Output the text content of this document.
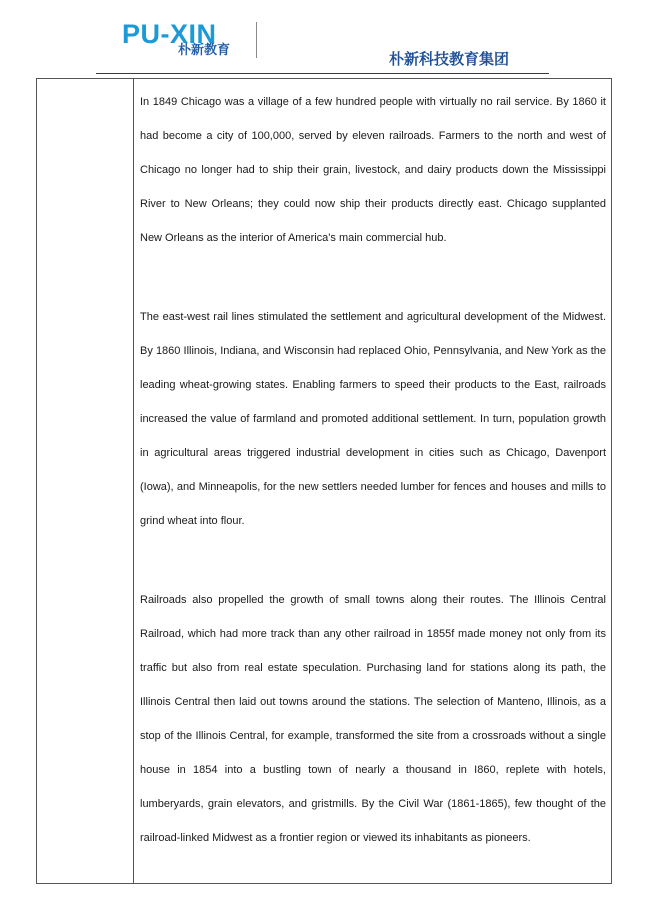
PU-XIN
朴新教育	朴新科技教育集团

In 1849 Chicago was a village of a few hundred people with virtually no rail service. By 1860 it had become a city of 100,000, served by eleven railroads. Farmers to the north and west of Chicago no longer had to ship their grain, livestock, and dairy products down the Mississippi River to New Orleans; they could now ship their products directly east. Chicago supplanted New Orleans as the interior of America's main commercial hub.

The east-west rail lines stimulated the settlement and agricultural development of the Midwest. By 1860 Illinois, Indiana, and Wisconsin had replaced Ohio, Pennsylvania, and New York as the leading wheat-growing states. Enabling farmers to speed their products to the East, railroads increased the value of farmland and promoted additional settlement. In turn, population growth in agricultural areas triggered industrial development in cities such as Chicago, Davenport (Iowa), and Minneapolis, for the new settlers needed lumber for fences and houses and mills to grind wheat into flour.

Railroads also propelled the growth of small towns along their routes. The Illinois Central Railroad, which had more track than any other railroad in 1855f made money not only from its traffic but also from real estate speculation. Purchasing land for stations along its path, the Illinois Central then laid out towns around the stations. The selection of Manteno, Illinois, as a stop of the Illinois Central, for example, transformed the site from a crossroads without a single house in 1854 into a bustling town of nearly a thousand in I860, replete with hotels, lumberyards, grain elevators, and gristmills. By the Civil War (1861-1865), few thought of the railroad-linked Midwest as a frontier region or viewed its inhabitants as pioneers.
